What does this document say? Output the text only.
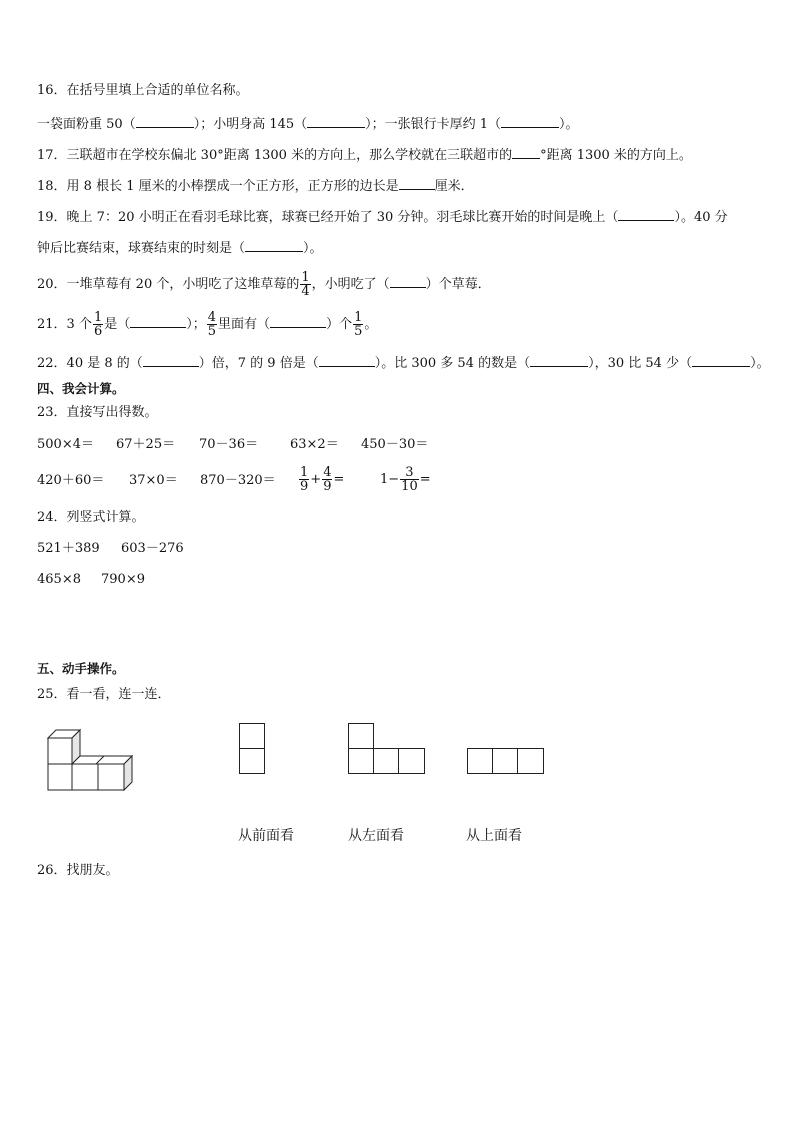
16．在括号里填上合适的单位名称。
一袋面粉重 50（	）；小明身高 145（	）；一张银行卡厚约 1（	）。
17．三联超市在学校东偏北 30°距离 1300 米的方向上，那么学校就在三联超市的 °距离 1300 米的方向上。
18．用 8 根长 1 厘米的小棒摆成一个正方形，正方形的边长是	厘米．
19．晚上 7：20 小明正在看羽毛球比赛，球赛已经开始了 30 分钟。羽毛球比赛开始的时间是晚上（	）。40 分
钟后比赛结束，球赛结束的时刻是（	）。
20．一堆草莓有 20 个，小明吃了这堆草莓的 $\frac{1}{4}$ ，小明吃了（	）个草莓．
21．3 个 $\frac{1}{6}$ 是（	）； $\frac{4}{5}$ 里面有（	）个 $\frac{1}{5}$ 。
22．40 是 8 的（	）倍，7 的 9 倍是（	）。比 300 多 54 的数是（	），30 比 54 少（	）。
四、我会计算。
23．直接写出得数。
500×4＝ 67＋25＝ 70－36＝ 63×2＝ 450－30＝
$420+60= 37\times 0= 870-320= \frac{1}{9} + \frac{4}{9}$ =	$1- \frac{3}{10}$ =
24．列竖式计算。
521＋389 603－276
465×8 790×9
五、动手操作。
25．看一看，连一连．
从前面看	从左面看	从上面看
26．找朋友。
